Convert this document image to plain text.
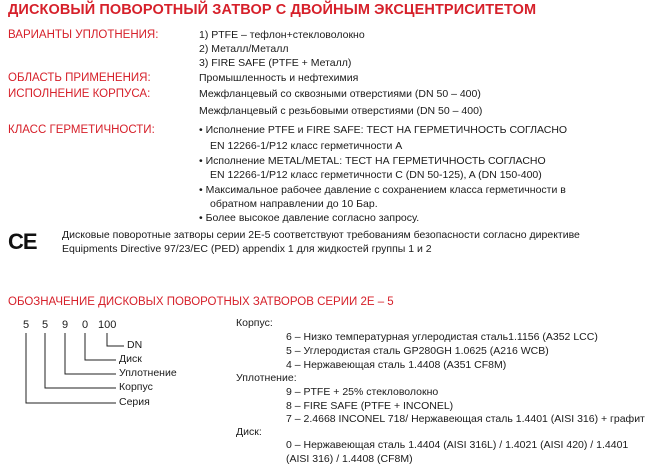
ДИСКОВЫЙ ПОВОРОТНЫЙ ЗАТВОР С ДВОЙНЫМ ЭКСЦЕНТРИСИТЕТОМ
ВАРИАНТЫ УПЛОТНЕНИЯ:	1) PTFE – тефлон+стекловолокно
2) Металл/Металл
3) FIRE SAFE (PTFE + Металл)
ОБЛАСТЬ ПРИМЕНЕНИЯ:	Промышленность и нефтехимия
ИСПОЛНЕНИЕ КОРПУСА:	Межфланцевый со сквозными отверстиями (DN 50 – 400)
Межфланцевый с резьбовыми отверстиями (DN 50 – 400)
КЛАСС ГЕРМЕТИЧНОСТИ:	• Исполнение PTFE и FIRE SAFE: ТЕСТ НА ГЕРМЕТИЧНОСТЬ СОГЛАСНО
EN 12266-1/P12 класс герметичности A
• Исполнение METAL/METAL: ТЕСТ НА ГЕРМЕТИЧНОСТЬ СОГЛАСНО
EN 12266-1/P12 класс герметичности C (DN 50-125), A (DN 150-400)
• Максимальное рабочее давление с сохранением класса герметичности в
обратном направлении до 10 Бар.
• Более высокое давление согласно запросу.
CE Дисковые поворотные затворы серии 2E-5 соответствуют требованиям безопасности согласно директиве
Equipments Directive 97/23/EC (PED) appendix 1 для жидкостей группы 1 и 2
ОБОЗНАЧЕНИЕ ДИСКОВЫХ ПОВОРОТНЫХ ЗАТВОРОВ СЕРИИ 2E – 5
5 5 9 0 100
DN
Диск
Уплотнение
Корпус
Серия
Корпус:
6 – Низко температурная углеродистая сталь1.1156 (A352 LCC)
5 – Углеродистая сталь GP280GH 1.0625 (A216 WCB)
4 – Нержавеющая сталь 1.4408 (A351 CF8M)
Уплотнение:
9 – PTFE + 25% стекловолокно
8 – FIRE SAFE (PTFE + INCONEL)
7 – 2.4668 INCONEL 718/ Нержавеющая сталь 1.4401 (AISI 316) + графит
Диск:
0 – Нержавеющая сталь 1.4404 (AISI 316L) / 1.4021 (AISI 420) / 1.4401
(AISI 316) / 1.4408 (CF8M)
